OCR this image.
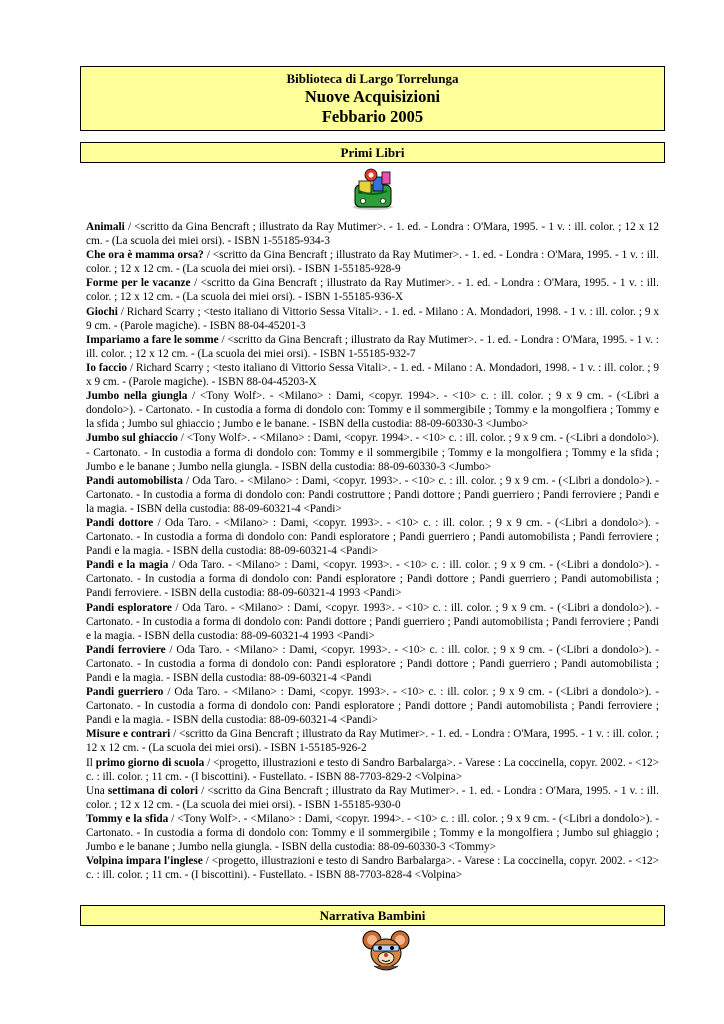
Biblioteca di Largo Torrelunga
Nuove Acquisizioni
Febbario 2005
Primi Libri

Animali / <scritto da Gina Bencraft ; illustrato da Ray Mutimer>. - 1. ed. - Londra : O'Mara, 1995. - 1 v. : ill. color. ; 12 x 12 cm. - (La scuola dei miei orsi). - ISBN 1-55185-934-3

Che ora è mamma orsa? / <scritto da Gina Bencraft ; illustrato da Ray Mutimer>. - 1. ed. - Londra : O'Mara, 1995. - 1 v. : ill. color. ; 12 x 12 cm. - (La scuola dei miei orsi). - ISBN 1-55185-928-9

Forme per le vacanze / <scritto da Gina Bencraft ; illustrato da Ray Mutimer>. - 1. ed. - Londra : O'Mara, 1995. - 1 v. : ill. color. ; 12 x 12 cm. - (La scuola dei miei orsi). - ISBN 1-55185-936-X

Giochi / Richard Scarry ; <testo italiano di Vittorio Sessa Vitali>. - 1. ed. - Milano : A. Mondadori, 1998. - 1 v. : ill. color. ; 9 x 9 cm. - (Parole magiche). - ISBN 88-04-45201-3

Impariamo a fare le somme / <scritto da Gina Bencraft ; illustrato da Ray Mutimer>. - 1. ed. - Londra : O'Mara, 1995. - 1 v. : ill. color. ; 12 x 12 cm. - (La scuola dei miei orsi). - ISBN 1-55185-932-7

Io faccio / Richard Scarry ; <testo italiano di Vittorio Sessa Vitali>. - 1. ed. - Milano : A. Mondadori, 1998. - 1 v. : ill. color. ; 9 x 9 cm. - (Parole magiche). - ISBN 88-04-45203-X

Jumbo nella giungla / <Tony Wolf>. - <Milano> : Dami, <copyr. 1994>. - <10> c. : ill. color. ; 9 x 9 cm. - (<Libri a dondolo>). - Cartonato. - In custodia a forma di dondolo con: Tommy e il sommergibile ; Tommy e la mongolfiera ; Tommy e la sfida ; Jumbo sul ghiaccio ; Jumbo e le banane. - ISBN della custodia: 88-09-60330-3 <Jumbo>

Jumbo sul ghiaccio / <Tony Wolf>. - <Milano> : Dami, <copyr. 1994>. - <10> c. : ill. color. ; 9 x 9 cm. - (<Libri a dondolo>). - Cartonato. - In custodia a forma di dondolo con: Tommy e il sommergibile ; Tommy e la mongolfiera ; Tommy e la sfida ; Jumbo e le banane ; Jumbo nella giungla. - ISBN della custodia: 88-09-60330-3 <Jumbo>

Pandi automobilista / Oda Taro. - <Milano> : Dami, <copyr. 1993>. - <10> c. : ill. color. ; 9 x 9 cm. - (<Libri a dondolo>). - Cartonato. - In custodia a forma di dondolo con: Pandi costruttore ; Pandi dottore ; Pandi guerriero ; Pandi ferroviere ; Pandi e la magia. - ISBN della custodia: 88-09-60321-4 <Pandi>

Pandi dottore / Oda Taro. - <Milano> : Dami, <copyr. 1993>. - <10> c. : ill. color. ; 9 x 9 cm. - (<Libri a dondolo>). - Cartonato. - In custodia a forma di dondolo con: Pandi esploratore ; Pandi guerriero ; Pandi automobilista ; Pandi ferroviere ; Pandi e la magia. - ISBN della custodia: 88-09-60321-4 <Pandi>

Pandi e la magia / Oda Taro. - <Milano> : Dami, <copyr. 1993>. - <10> c. : ill. color. ; 9 x 9 cm. - (<Libri a dondolo>). - Cartonato. - In custodia a forma di dondolo con: Pandi esploratore ; Pandi dottore ; Pandi guerriero ; Pandi automobilista ; Pandi ferroviere. - ISBN della custodia: 88-09-60321-4 1993 <Pandi>

Pandi esploratore / Oda Taro. - <Milano> : Dami, <copyr. 1993>. - <10> c. : ill. color. ; 9 x 9 cm. - (<Libri a dondolo>). - Cartonato. - In custodia a forma di dondolo con: Pandi dottore ; Pandi guerriero ; Pandi automobilista ; Pandi ferroviere ; Pandi e la magia. - ISBN della custodia: 88-09-60321-4 1993 <Pandi>

Pandi ferroviere / Oda Taro. - <Milano> : Dami, <copyr. 1993>. - <10> c. : ill. color. ; 9 x 9 cm. - (<Libri a dondolo>). - Cartonato. - In custodia a forma di dondolo con: Pandi esploratore ; Pandi dottore ; Pandi guerriero ; Pandi automobilista ; Pandi e la magia. - ISBN della custodia: 88-09-60321-4 <Pandi

Pandi guerriero / Oda Taro. - <Milano> : Dami, <copyr. 1993>. - <10> c. : ill. color. ; 9 x 9 cm. - (<Libri a dondolo>). - Cartonato. - In custodia a forma di dondolo con: Pandi esploratore ; Pandi dottore ; Pandi automobilista ; Pandi ferroviere ; Pandi e la magia. - ISBN della custodia: 88-09-60321-4 <Pandi>

Misure e contrari / <scritto da Gina Bencraft ; illustrato da Ray Mutimer>. - 1. ed. - Londra : O'Mara, 1995. - 1 v. : ill. color. ; 12 x 12 cm. - (La scuola dei miei orsi). - ISBN 1-55185-926-2

Il primo giorno di scuola / <progetto, illustrazioni e testo di Sandro Barbalarga>. - Varese : La coccinella, copyr. 2002. - <12> c. : ill. color. ; 11 cm. - (I biscottini). - Fustellato. - ISBN 88-7703-829-2 <Volpina>

Una settimana di colori / <scritto da Gina Bencraft ; illustrato da Ray Mutimer>. - 1. ed. - Londra : O'Mara, 1995. - 1 v. : ill. color. ; 12 x 12 cm. - (La scuola dei miei orsi). - ISBN 1-55185-930-0

Tommy e la sfida / <Tony Wolf>. - <Milano> : Dami, <copyr. 1994>. - <10> c. : ill. color. ; 9 x 9 cm. - (<Libri a dondolo>). - Cartonato. - In custodia a forma di dondolo con: Tommy e il sommergibile ; Tommy e la mongolfiera ; Jumbo sul ghiaggio ; Jumbo e le banane ; Jumbo nella giungla. - ISBN della custodia: 88-09-60330-3 <Tommy>

Volpina impara l'inglese / <progetto, illustrazioni e testo di Sandro Barbalarga>. - Varese : La coccinella, copyr. 2002. - <12> c. : ill. color. ; 11 cm. - (I biscottini). - Fustellato. - ISBN 88-7703-828-4 <Volpina>

Narrativa Bambini
